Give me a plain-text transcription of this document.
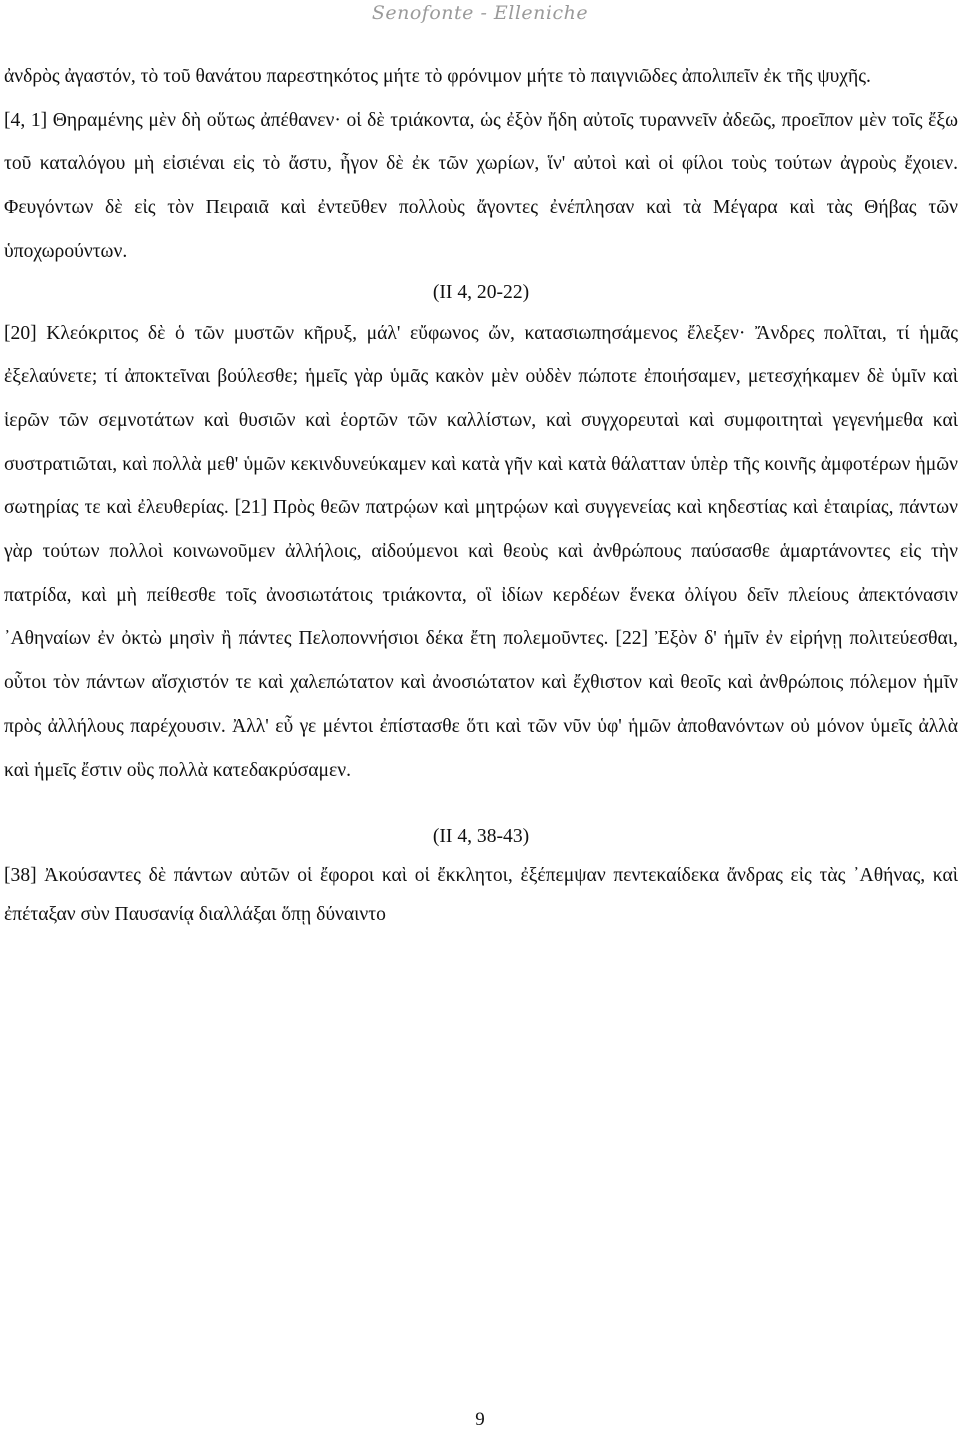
Senofonte - Elleniche

ἀνδρὸς ἀγαστόν, τὸ τοῦ θανάτου παρεστηκότος μήτε τὸ φρόνιμον μήτε τὸ παιγνιῶδες ἀπολιπεῖν ἐκ τῆς ψυχῆς.

[4, 1] Θηραμένης μὲν δὴ οὕτως ἀπέθανεν· οἱ δὲ τριάκοντα, ὡς ἐξὸν ἤδη αὐτοῖς τυραννεῖν ἀδεῶς, προεῖπον μὲν τοῖς ἔξω τοῦ καταλόγου μὴ εἰσιέναι εἰς τὸ ἄστυ, ἦγον δὲ ἐκ τῶν χωρίων, ἵν' αὐτοὶ καὶ οἱ φίλοι τοὺς τούτων ἀγροὺς ἔχοιεν. Φευγόντων δὲ εἰς τὸν Πειραιᾶ καὶ ἐντεῦθεν πολλοὺς ἄγοντες ἐνέπλησαν καὶ τὰ Μέγαρα καὶ τὰς Θήβας τῶν ὑποχωρούντων.

(II 4, 20-22)

[20] Κλεόκριτος δὲ ὁ τῶν μυστῶν κῆρυξ, μάλ' εὔφωνος ὤν, κατασιωπησάμενος ἔλεξεν· Ἄνδρες πολῖται, τί ἡμᾶς ἐξελαύνετε; τί ἀποκτεῖναι βούλεσθε; ἡμεῖς γὰρ ὑμᾶς κακὸν μὲν οὐδὲν πώποτε ἐποιήσαμεν, μετεσχήκαμεν δὲ ὑμῖν καὶ ἱερῶν τῶν σεμνοτάτων καὶ θυσιῶν καὶ ἑορτῶν τῶν καλλίστων, καὶ συγχορευταὶ καὶ συμφοιτηταὶ γεγενήμεθα καὶ συστρατιῶται, καὶ πολλὰ μεθ' ὑμῶν κεκινδυνεύκαμεν καὶ κατὰ γῆν καὶ κατὰ θάλατταν ὑπὲρ τῆς κοινῆς ἀμφοτέρων ἡμῶν σωτηρίας τε καὶ ἐλευθερίας. [21] Πρὸς θεῶν πατρῴων καὶ μητρῴων καὶ συγγενείας καὶ κηδεστίας καὶ ἑταιρίας, πάντων γὰρ τούτων πολλοὶ κοινωνοῦμεν ἀλλήλοις, αἰδούμενοι καὶ θεοὺς καὶ ἀνθρώπους παύσασθε ἁμαρτάνοντες εἰς τὴν πατρίδα, καὶ μὴ πείθεσθε τοῖς ἀνοσιωτάτοις τριάκοντα, οἳ ἰδίων κερδέων ἕνεκα ὀλίγου δεῖν πλείους ἀπεκτόνασιν ᾿Αθηναίων ἐν ὀκτὼ μησὶν ἢ πάντες Πελοποννήσιοι δέκα ἔτη πολεμοῦντες. [22] Ἐξὸν δ' ἡμῖν ἐν εἰρήνῃ πολιτεύεσθαι, οὗτοι τὸν πάντων αἴσχιστόν τε καὶ χαλεπώτατον καὶ ἀνοσιώτατον καὶ ἔχθιστον καὶ θεοῖς καὶ ἀνθρώποις πόλεμον ἡμῖν πρὸς ἀλλήλους παρέχουσιν. Ἀλλ' εὖ γε μέντοι ἐπίστασθε ὅτι καὶ τῶν νῦν ὑφ' ἡμῶν ἀποθανόντων οὐ μόνον ὑμεῖς ἀλλὰ καὶ ἡμεῖς ἔστιν οὓς πολλὰ κατεδακρύσαμεν.

(II 4, 38-43)

[38] Ἀκούσαντες δὲ πάντων αὐτῶν οἱ ἔφοροι καὶ οἱ ἔκκλητοι, ἐξέπεμψαν πεντεκαίδεκα ἄνδρας εἰς τὰς ᾿Αθήνας, καὶ ἐπέταξαν σὺν Παυσανίᾳ διαλλάξαι ὅπῃ δύναιντο

9
